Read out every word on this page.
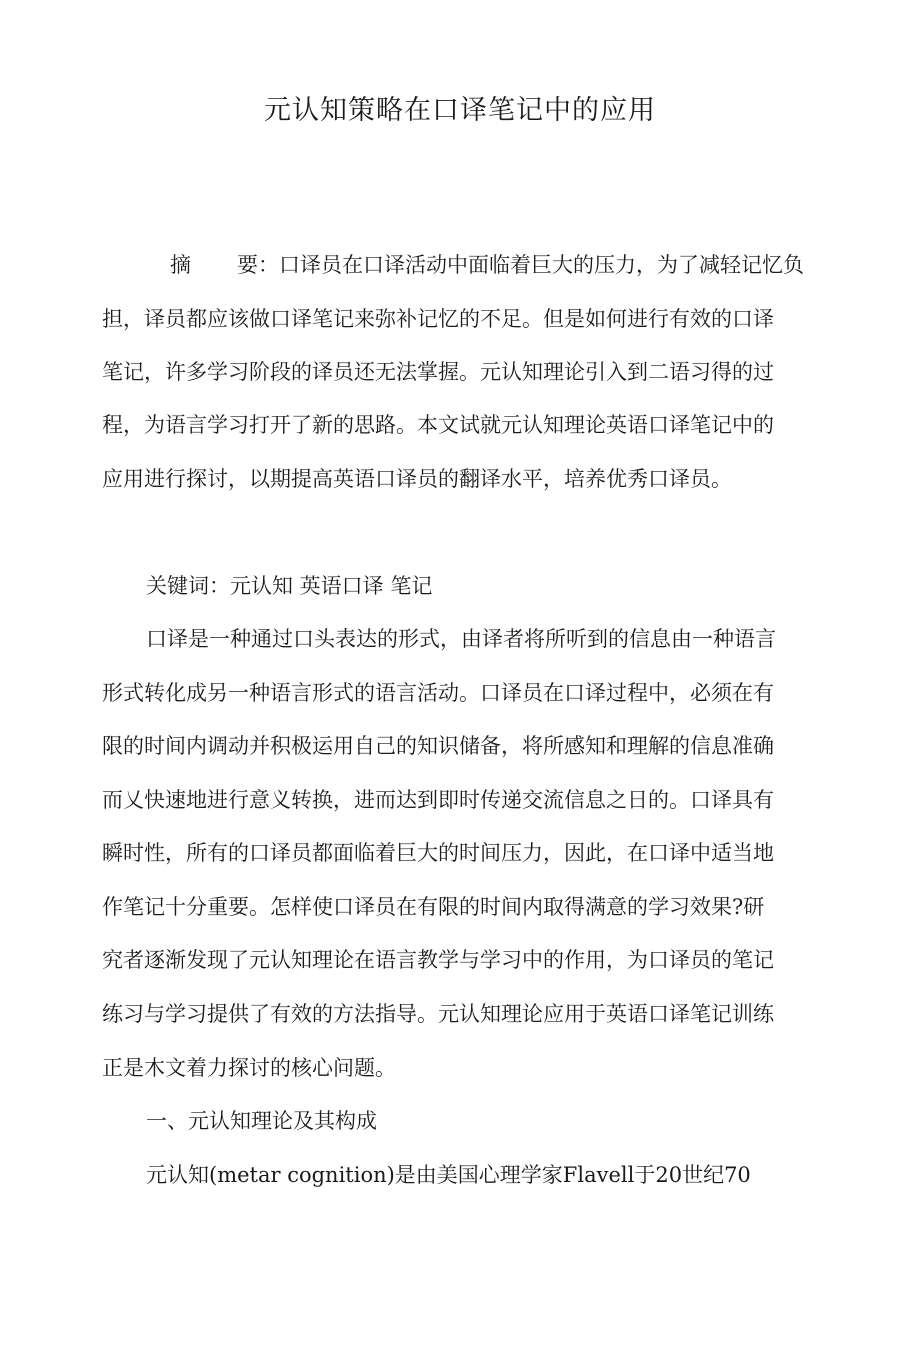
元认知策略在口译笔记中的应用
摘 要：口译员在口译活动中面临着巨大的压力，为了减轻记忆负
担，译员都应该做口译笔记来弥补记忆的不足。但是如何进行有效的口译
笔记，许多学习阶段的译员还无法掌握。元认知理论引入到二语习得的过
程，为语言学习打开了新的思路。本文试就元认知理论英语口译笔记中的
应用进行探讨，以期提高英语口译员的翻译水平，培养优秀口译员。
关键词：元认知 英语口译 笔记
口译是一种通过口头表达的形式，由译者将所听到的信息由一种语言
形式转化成另一种语言形式的语言活动。口译员在口译过程中，必须在有
限的时间内调动并积极运用自己的知识储备，将所感知和理解的信息准确
而乂快速地进行意义转换，进而达到即时传递交流信息之日的。口译具有
瞬时性，所有的口译员都面临着巨大的时间压力，因此，在口译中适当地
作笔记十分重要。怎样使口译员在有限的时间内取得满意的学习效果?研
究者逐渐发现了元认知理论在语言教学与学习中的作用，为口译员的笔记
练习与学习提供了有效的方法指导。元认知理论应用于英语口译笔记训练
正是木文着力探讨的核心问题。
一、元认知理论及其构成
元认知(metar cognition)是由美国心理学家Flavell于20世纪70
